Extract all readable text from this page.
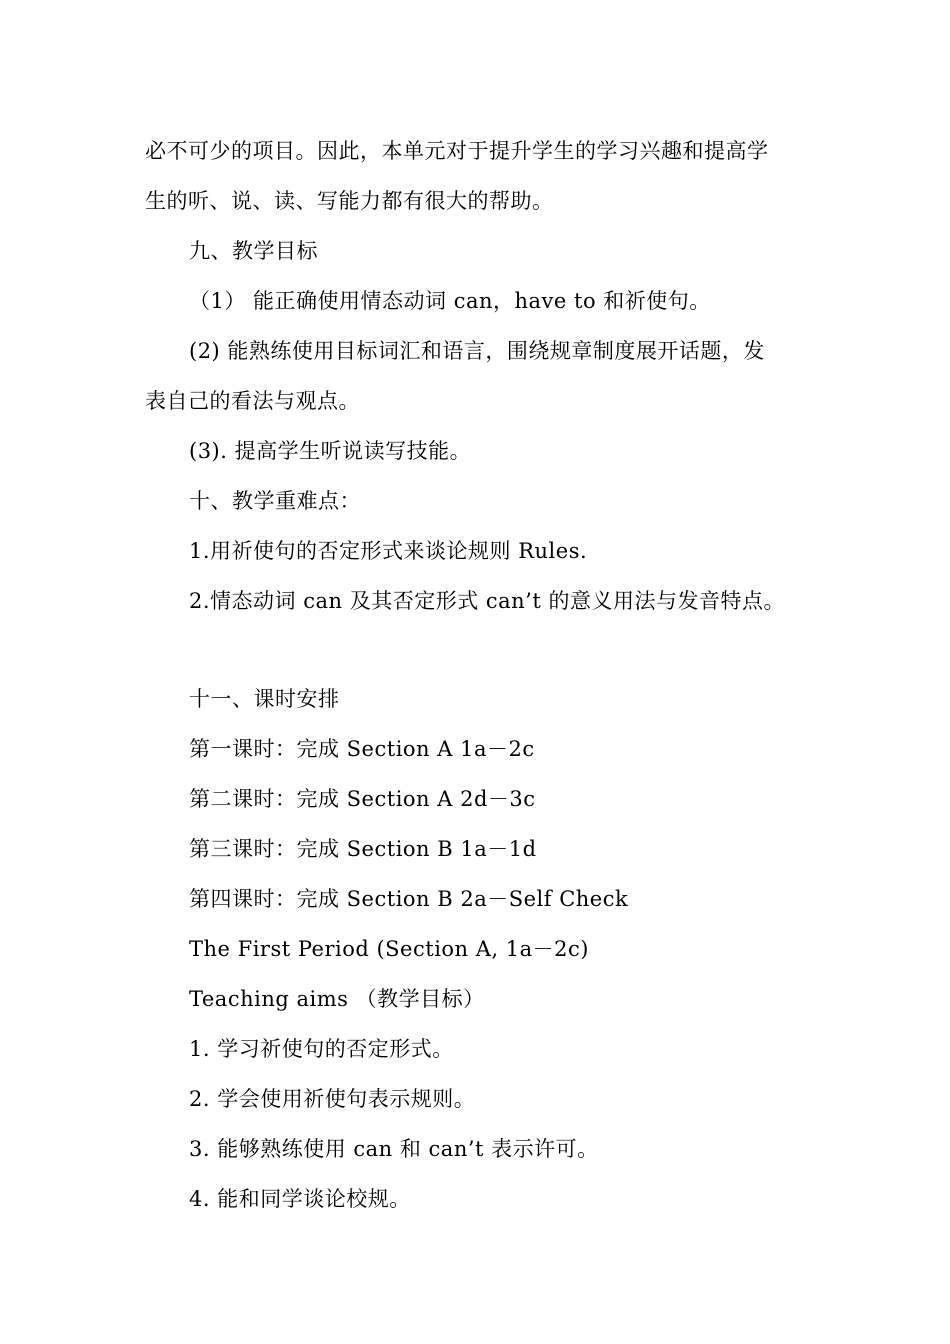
必不可少的项目。因此，本单元对于提升学生的学习兴趣和提高学
生的听、说、读、写能力都有很大的帮助。
九、教学目标
（1） 能正确使用情态动词 can，have to 和祈使句。
(2) 能熟练使用目标词汇和语言，围绕规章制度展开话题，发
表自己的看法与观点。
(3). 提高学生听说读写技能。
十、教学重难点：
1.用祈使句的否定形式来谈论规则 Rules.
2.情态动词 can 及其否定形式 can’t 的意义用法与发音特点。
十一、课时安排
第一课时：完成 Section A 1a－2c
第二课时：完成 Section A 2d－3c
第三课时：完成 Section B 1a－1d
第四课时：完成 Section B 2a－Self Check
The First Period (Section A, 1a－2c)
Teaching aims （教学目标）
1. 学习祈使句的否定形式。
2. 学会使用祈使句表示规则。
3. 能够熟练使用 can 和 can’t 表示许可。
4. 能和同学谈论校规。
